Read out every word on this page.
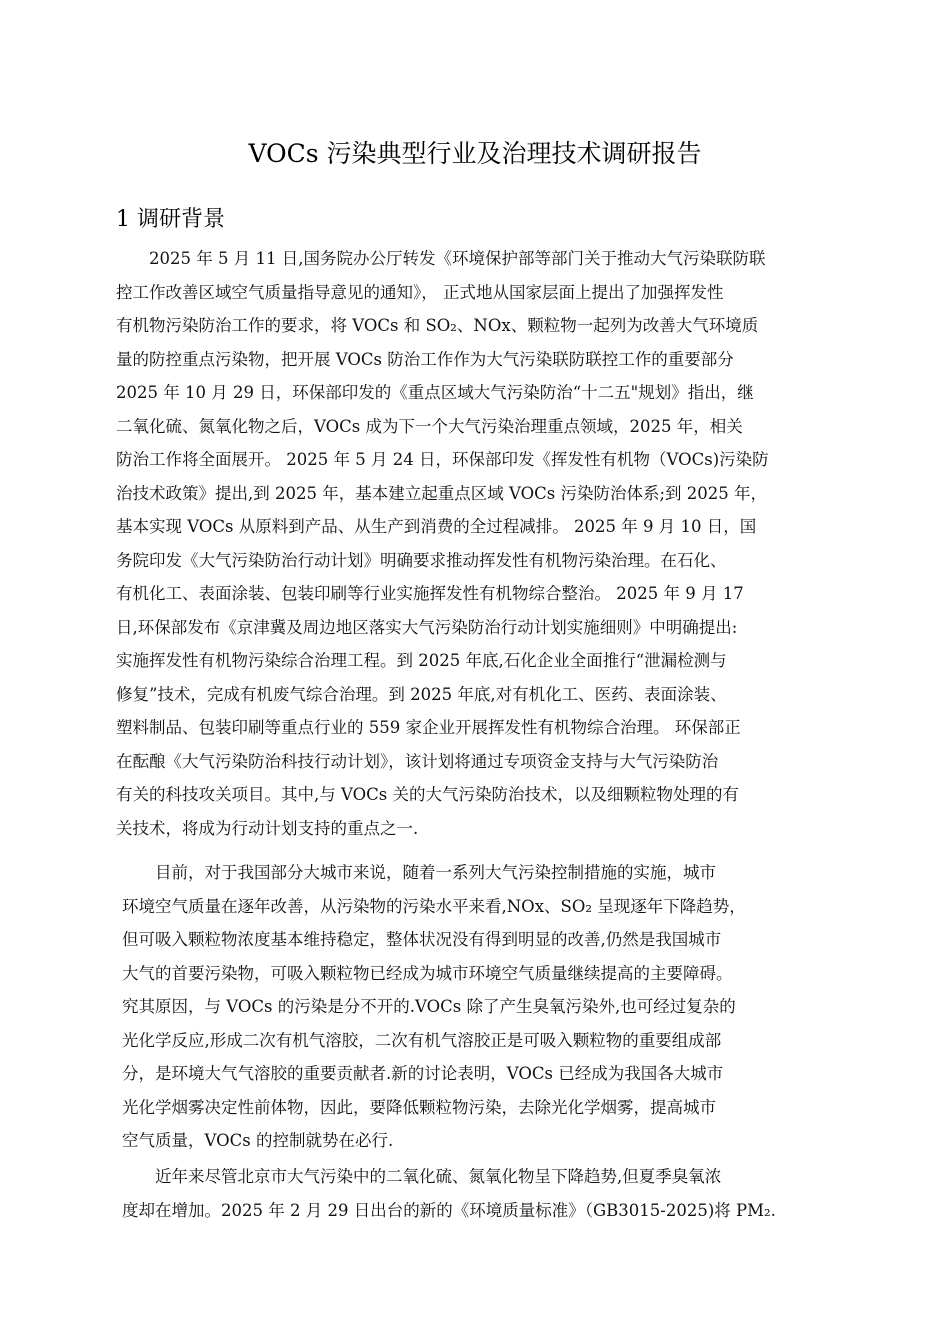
VOCs 污染典型行业及治理技术调研报告
1 调研背景
2025 年 5 月 11 日,国务院办公厅转发《环境保护部等部门关于推动大气污染联防联
控工作改善区域空气质量指导意见的通知》， 正式地从国家层面上提出了加强挥发性
有机物污染防治工作的要求，将 VOCs 和 SO₂、NOx、颗粒物一起列为改善大气环境质
量的防控重点污染物，把开展 VOCs 防治工作作为大气污染联防联控工作的重要部分
2025 年 10 月 29 日，环保部印发的《重点区域大气污染防治“十二五"规划》指出，继
二氧化硫、氮氧化物之后，VOCs 成为下一个大气污染治理重点领域，2025 年，相关
防治工作将全面展开。 2025 年 5 月 24 日，环保部印发《挥发性有机物（VOCs)污染防
治技术政策》提出,到 2025 年，基本建立起重点区域 VOCs 污染防治体系;到 2025 年，
基本实现 VOCs 从原料到产品、从生产到消费的全过程减排。 2025 年 9 月 10 日，国
务院印发《大气污染防治行动计划》明确要求推动挥发性有机物污染治理。在石化、
有机化工、表面涂装、包装印刷等行业实施挥发性有机物综合整治。 2025 年 9 月 17
日,环保部发布《京津冀及周边地区落实大气污染防治行动计划实施细则》中明确提出:
实施挥发性有机物污染综合治理工程。到 2025 年底,石化企业全面推行“泄漏检测与
修复”技术，完成有机废气综合治理。到 2025 年底,对有机化工、医药、表面涂装、
塑料制品、包装印刷等重点行业的 559 家企业开展挥发性有机物综合治理。 环保部正
在酝酿《大气污染防治科技行动计划》，该计划将通过专项资金支持与大气污染防治
有关的科技攻关项目。其中,与 VOCs 关的大气污染防治技术，以及细颗粒物处理的有
关技术，将成为行动计划支持的重点之一.
目前，对于我国部分大城市来说，随着一系列大气污染控制措施的实施，城市
环境空气质量在逐年改善，从污染物的污染水平来看,NOx、SO₂ 呈现逐年下降趋势，
但可吸入颗粒物浓度基本维持稳定，整体状况没有得到明显的改善,仍然是我国城市
大气的首要污染物，可吸入颗粒物已经成为城市环境空气质量继续提高的主要障碍。
究其原因，与 VOCs 的污染是分不开的.VOCs 除了产生臭氧污染外,也可经过复杂的
光化学反应,形成二次有机气溶胶，二次有机气溶胶正是可吸入颗粒物的重要组成部
分，是环境大气气溶胶的重要贡献者.新的讨论表明，VOCs 已经成为我国各大城市
光化学烟雾决定性前体物，因此，要降低颗粒物污染，去除光化学烟雾，提高城市
空气质量，VOCs 的控制就势在必行.
近年来尽管北京市大气污染中的二氧化硫、氮氧化物呈下降趋势,但夏季臭氧浓
度却在增加。2025 年 2 月 29 日出台的新的《环境质量标准》（GB3015-2025)将 PM₂.
